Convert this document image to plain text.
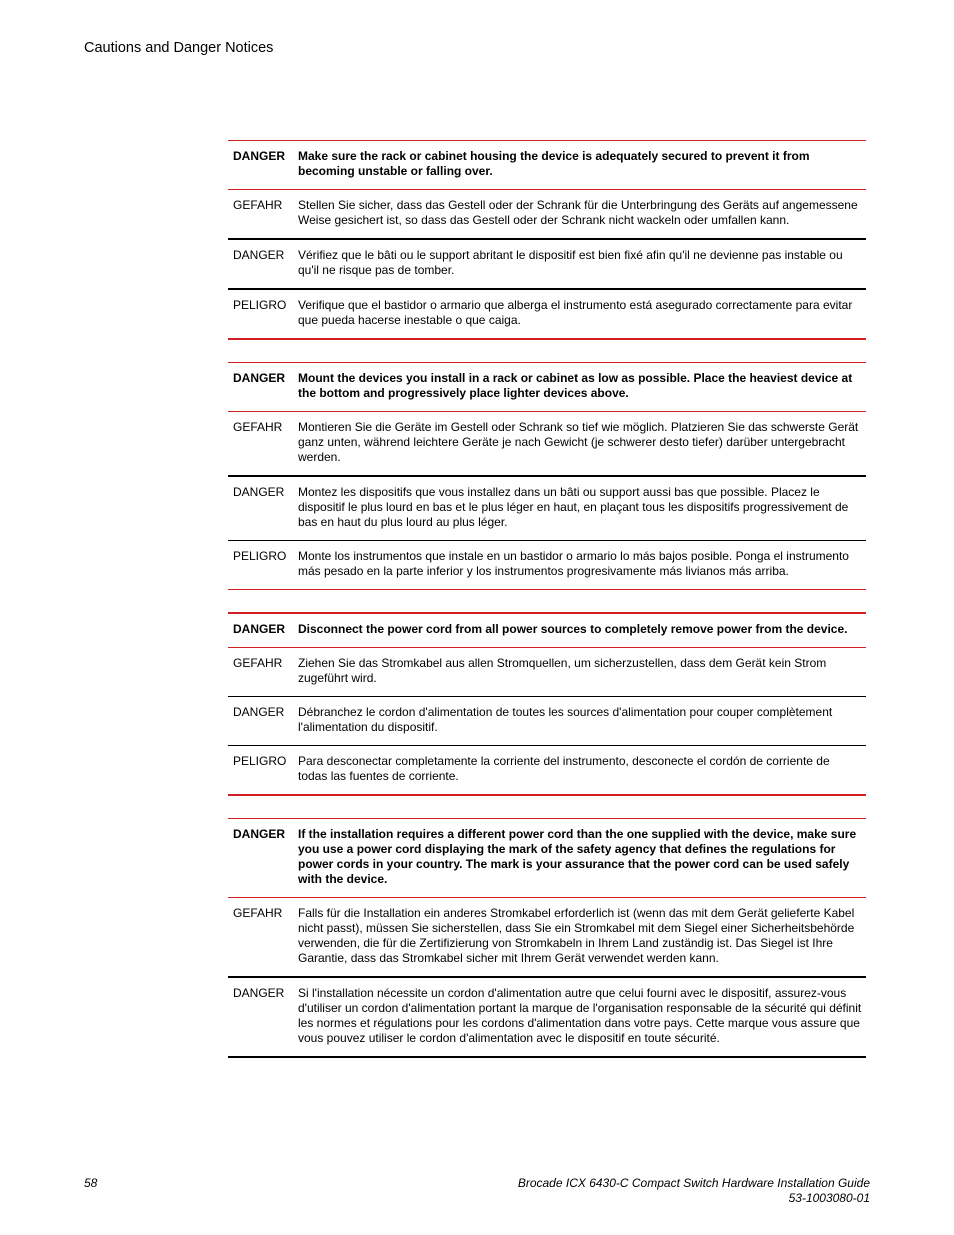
Cautions and Danger Notices
DANGER	Make sure the rack or cabinet housing the device is adequately secured to prevent it from becoming unstable or falling over.
GEFAHR	Stellen Sie sicher, dass das Gestell oder der Schrank für die Unterbringung des Geräts auf angemessene Weise gesichert ist, so dass das Gestell oder der Schrank nicht wackeln oder umfallen kann.
DANGER	Vérifiez que le bâti ou le support abritant le dispositif est bien fixé afin qu'il ne devienne pas instable ou qu'il ne risque pas de tomber.
PELIGRO Verifique que el bastidor o armario que alberga el instrumento está asegurado correctamente para evitar que pueda hacerse inestable o que caiga.
DANGER	Mount the devices you install in a rack or cabinet as low as possible. Place the heaviest device at the bottom and progressively place lighter devices above.
GEFAHR	Montieren Sie die Geräte im Gestell oder Schrank so tief wie möglich. Platzieren Sie das schwerste Gerät ganz unten, während leichtere Geräte je nach Gewicht (je schwerer desto tiefer) darüber untergebracht werden.
DANGER	Montez les dispositifs que vous installez dans un bâti ou support aussi bas que possible. Placez le dispositif le plus lourd en bas et le plus léger en haut, en plaçant tous les dispositifs progressivement de bas en haut du plus lourd au plus léger.
PELIGRO Monte los instrumentos que instale en un bastidor o armario lo más bajos posible. Ponga el instrumento más pesado en la parte inferior y los instrumentos progresivamente más livianos más arriba.
DANGER	Disconnect the power cord from all power sources to completely remove power from the device.
GEFAHR	Ziehen Sie das Stromkabel aus allen Stromquellen, um sicherzustellen, dass dem Gerät kein Strom zugeführt wird.
DANGER	Débranchez le cordon d'alimentation de toutes les sources d'alimentation pour couper complètement l'alimentation du dispositif.
PELIGRO Para desconectar completamente la corriente del instrumento, desconecte el cordón de corriente de todas las fuentes de corriente.
DANGER	If the installation requires a different power cord than the one supplied with the device, make sure you use a power cord displaying the mark of the safety agency that defines the regulations for power cords in your country. The mark is your assurance that the power cord can be used safely with the device.
GEFAHR	Falls für die Installation ein anderes Stromkabel erforderlich ist (wenn das mit dem Gerät gelieferte Kabel nicht passt), müssen Sie sicherstellen, dass Sie ein Stromkabel mit dem Siegel einer Sicherheitsbehörde verwenden, die für die Zertifizierung von Stromkabeln in Ihrem Land zuständig ist. Das Siegel ist Ihre Garantie, dass das Stromkabel sicher mit Ihrem Gerät verwendet werden kann.
DANGER	Si l'installation nécessite un cordon d'alimentation autre que celui fourni avec le dispositif, assurez-vous d'utiliser un cordon d'alimentation portant la marque de l'organisation responsable de la sécurité qui définit les normes et régulations pour les cordons d'alimentation dans votre pays. Cette marque vous assure que vous pouvez utiliser le cordon d'alimentation avec le dispositif en toute sécurité.
58	Brocade ICX 6430-C Compact Switch Hardware Installation Guide
53-1003080-01
